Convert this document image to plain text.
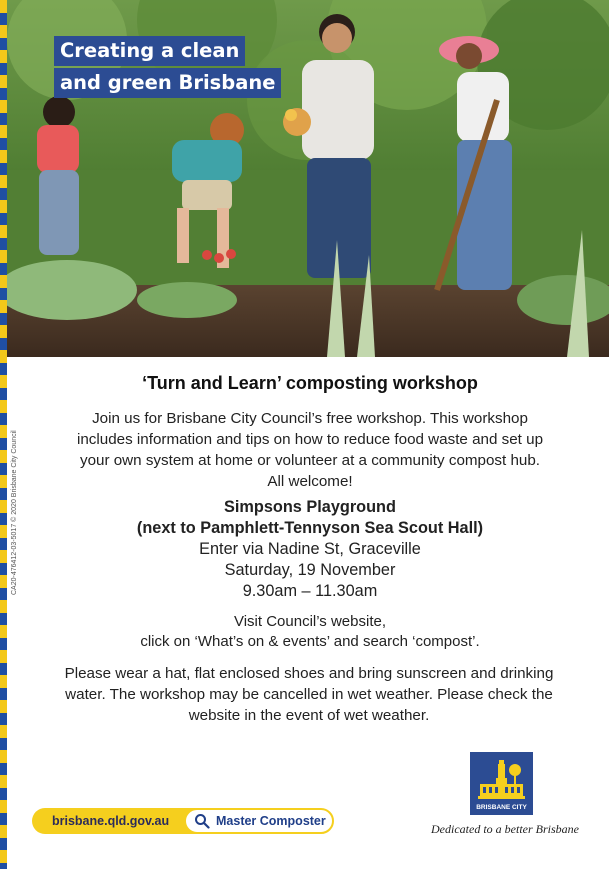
Creating a clean
and green Brisbane
CA20-476412-03-5017 © 2020 Brisbane City Council
‘Turn and Learn’ composting workshop
Join us for Brisbane City Council’s free workshop. This workshop
includes information and tips on how to reduce food waste and set up
your own system at home or volunteer at a community compost hub.
All welcome!
Simpsons Playground
(next to Pamphlett-Tennyson Sea Scout Hall)
Enter via Nadine St, Graceville
Saturday, 19 November
9.30am – 11.30am
Visit Council’s website,
click on ‘What’s on & events’ and search ‘compost’.
Please wear a hat, flat enclosed shoes and bring sunscreen and drinking
water. The workshop may be cancelled in wet weather. Please check the
website in the event of wet weather.
brisbane.qld.gov.au	Master Composter
BRISBANE CITY
Dedicated to a better Brisbane
